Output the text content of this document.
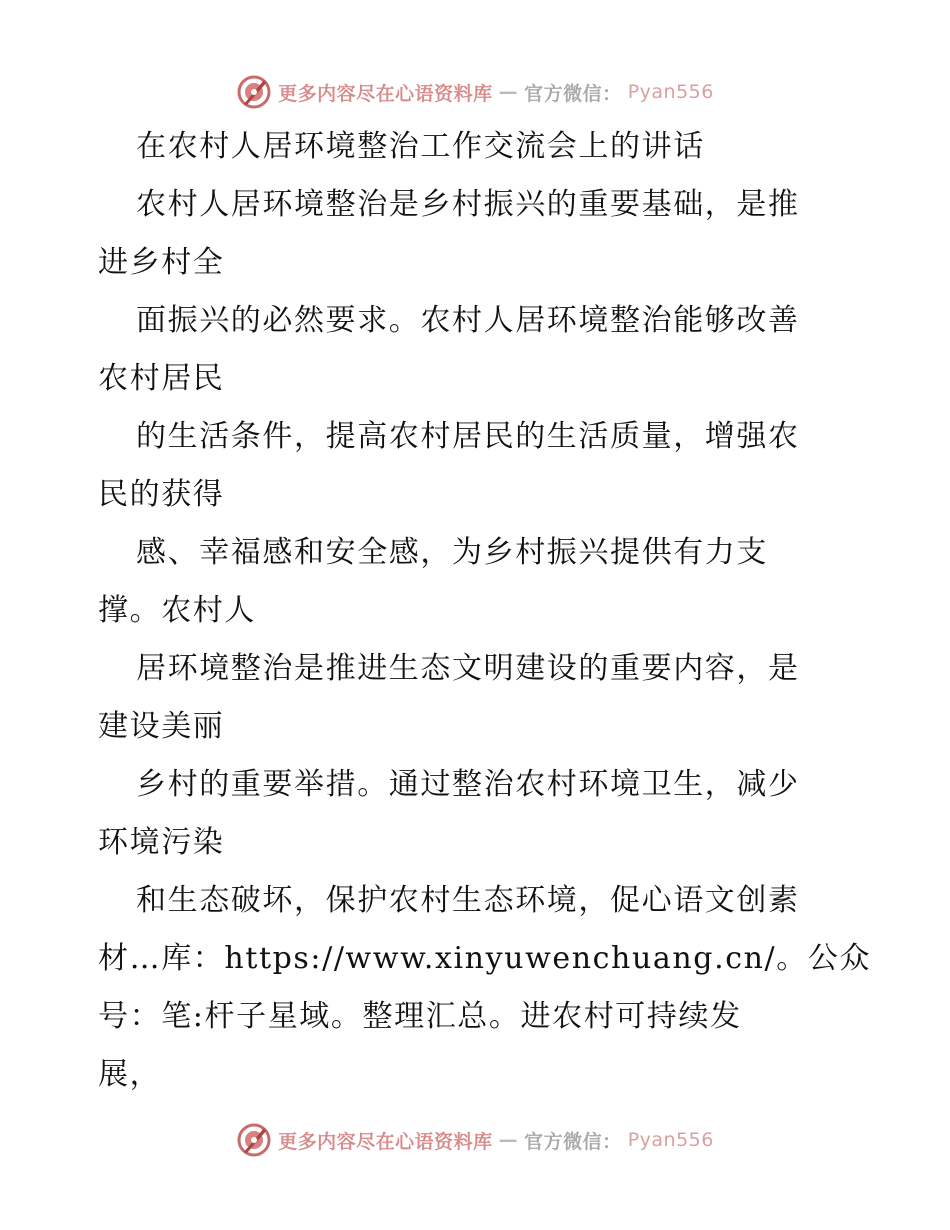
更多内容尽在心语资料库 — 官方微信： Pyan556
在农村人居环境整治工作交流会上的讲话
农村人居环境整治是乡村振兴的重要基础，是推
进乡村全
面振兴的必然要求。农村人居环境整治能够改善
农村居民
的生活条件，提高农村居民的生活质量，增强农
民的获得
感、幸福感和安全感，为乡村振兴提供有力支
撑。农村人
居环境整治是推进生态文明建设的重要内容，是
建设美丽
乡村的重要举措。通过整治农村环境卫生，减少
环境污染
和生态破坏，保护农村生态环境，促心语文创素
材…库：https://www.xinyuwenchuang.cn/。公众
号：笔:杆子星域。整理汇总。进农村可持续发
展，
更多内容尽在心语资料库 — 官方微信： Pyan556
